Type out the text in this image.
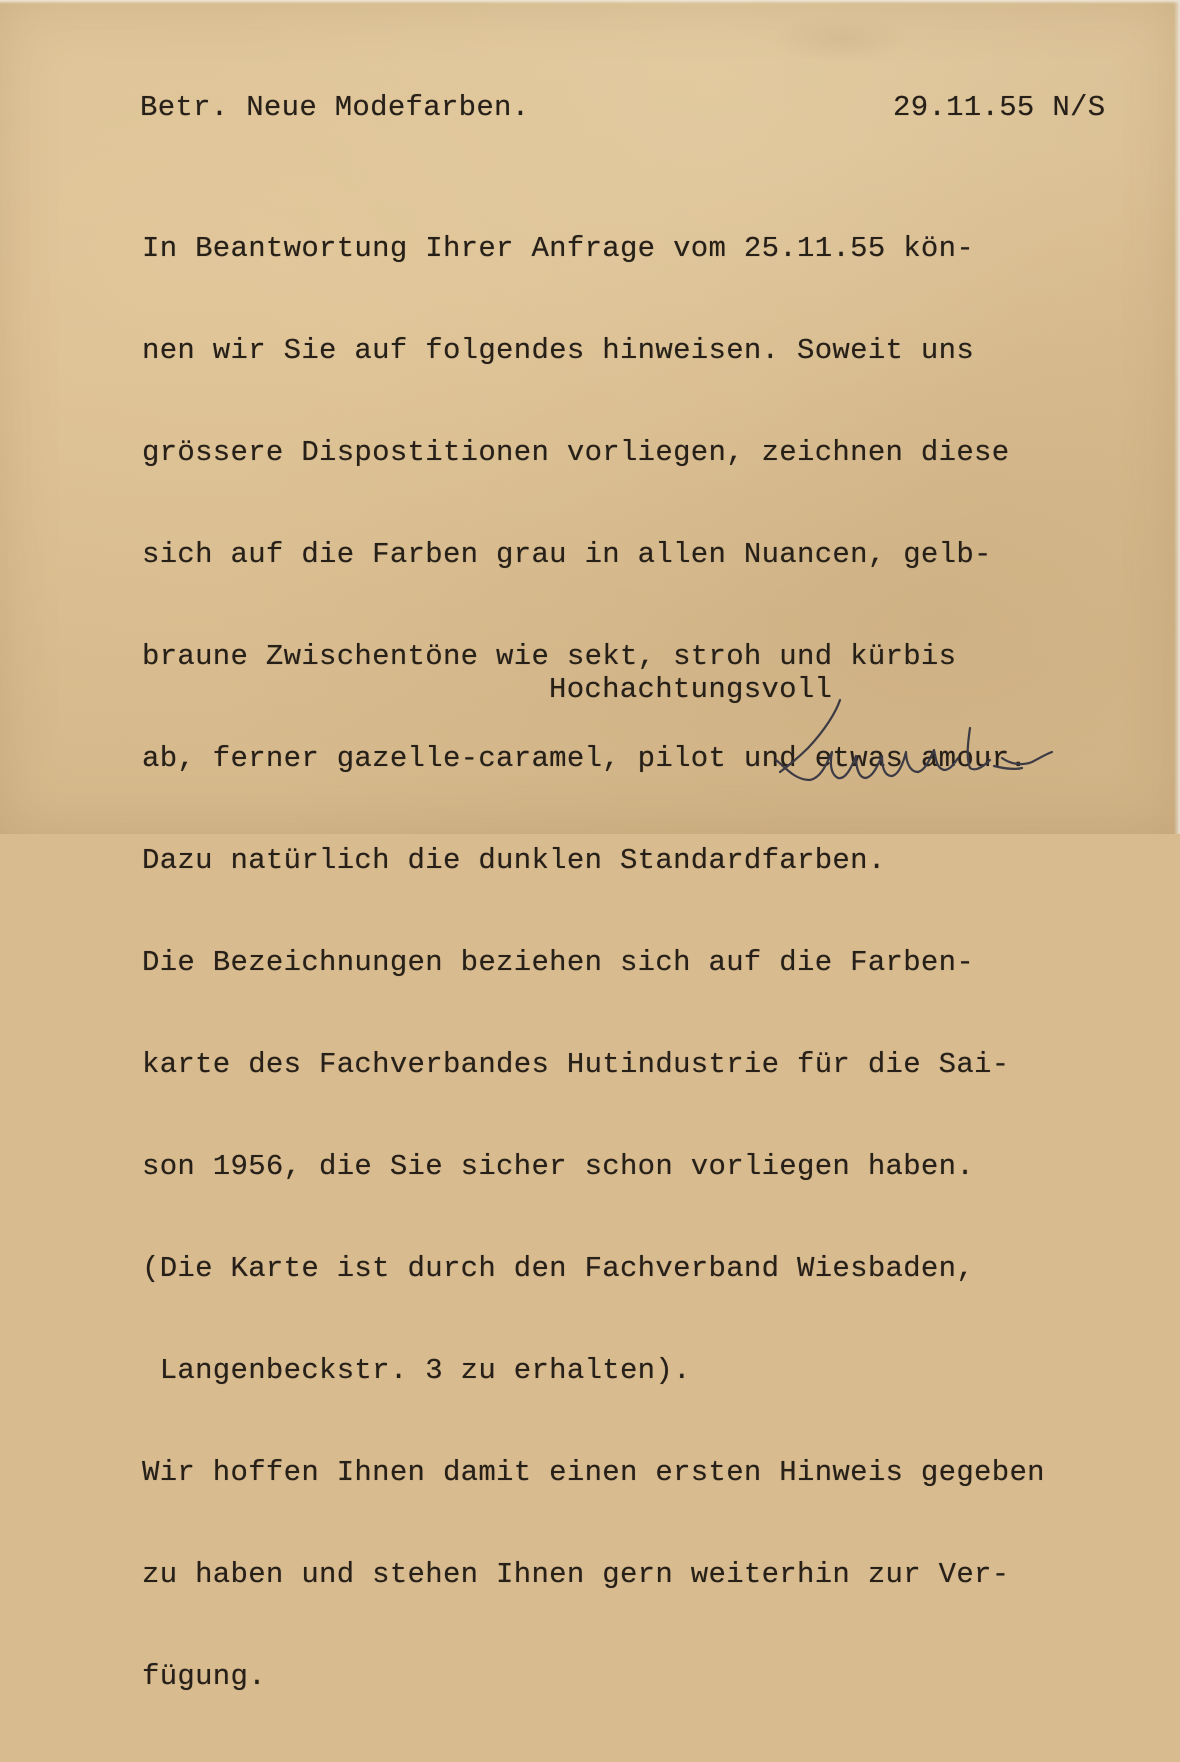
Betr. Neue Modefarben.	29.11.55 N/S

In Beantwortung Ihrer Anfrage vom 25.11.55 kön-

nen wir Sie auf folgendes hinweisen. Soweit uns

grössere Dispostitionen vorliegen, zeichnen diese

sich auf die Farben grau in allen Nuancen, gelb-

braune Zwischentöne wie sekt, stroh und kürbis

ab, ferner gazelle-caramel, pilot und etwas amour.

Dazu natürlich die dunklen Standardfarben.

Die Bezeichnungen beziehen sich auf die Farben-

karte des Fachverbandes Hutindustrie für die Sai-

son 1956, die Sie sicher schon vorliegen haben.

(Die Karte ist durch den Fachverband Wiesbaden,

Langenbeckstr. 3 zu erhalten).

Wir hoffen Ihnen damit einen ersten Hinweis gegeben

zu haben und stehen Ihnen gern weiterhin zur Ver-

fügung.

Hochachtungsvoll
